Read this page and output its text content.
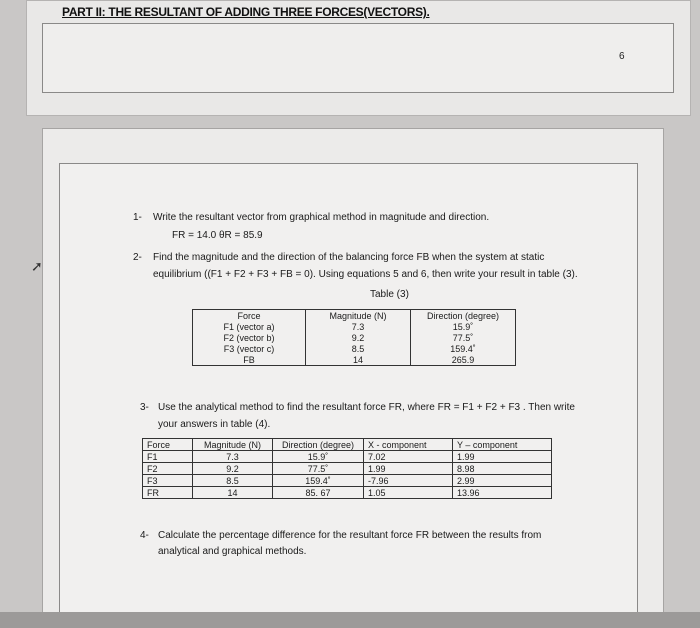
PART II: THE RESULTANT OF ADDING THREE FORCES(VECTORS).
6
➚
1- Write the resultant vector from graphical method in magnitude and direction.
FR = 14.0 θR = 85.9
2- Find the magnitude and the direction of the balancing force FB when the system at static
equilibrium ((F1 + F2 + F3 + FB = 0). Using equations 5 and 6, then write your result in table (3).
Table (3)
Force	Magnitude (N)	Direction (degree)
F1 (vector a)	7.3	15.9˚
F2 (vector b)	9.2	77.5˚
F3 (vector c)	8.5	159.4˚
FB	14	265.9
3- Use the analytical method to find the resultant force FR, where FR = F1 + F2 + F3 . Then write
your answers in table (4).
Force	Magnitude (N)	Direction (degree)	X - component	Y – component
F1	7.3	15.9˚	7.02	1.99
F2	9.2	77.5˚	1.99	8.98
F3	8.5	159.4˚	-7.96	2.99
FR	14	85. 67	1.05	13.96
4- Calculate the percentage difference for the resultant force FR between the results from
analytical and graphical methods.
